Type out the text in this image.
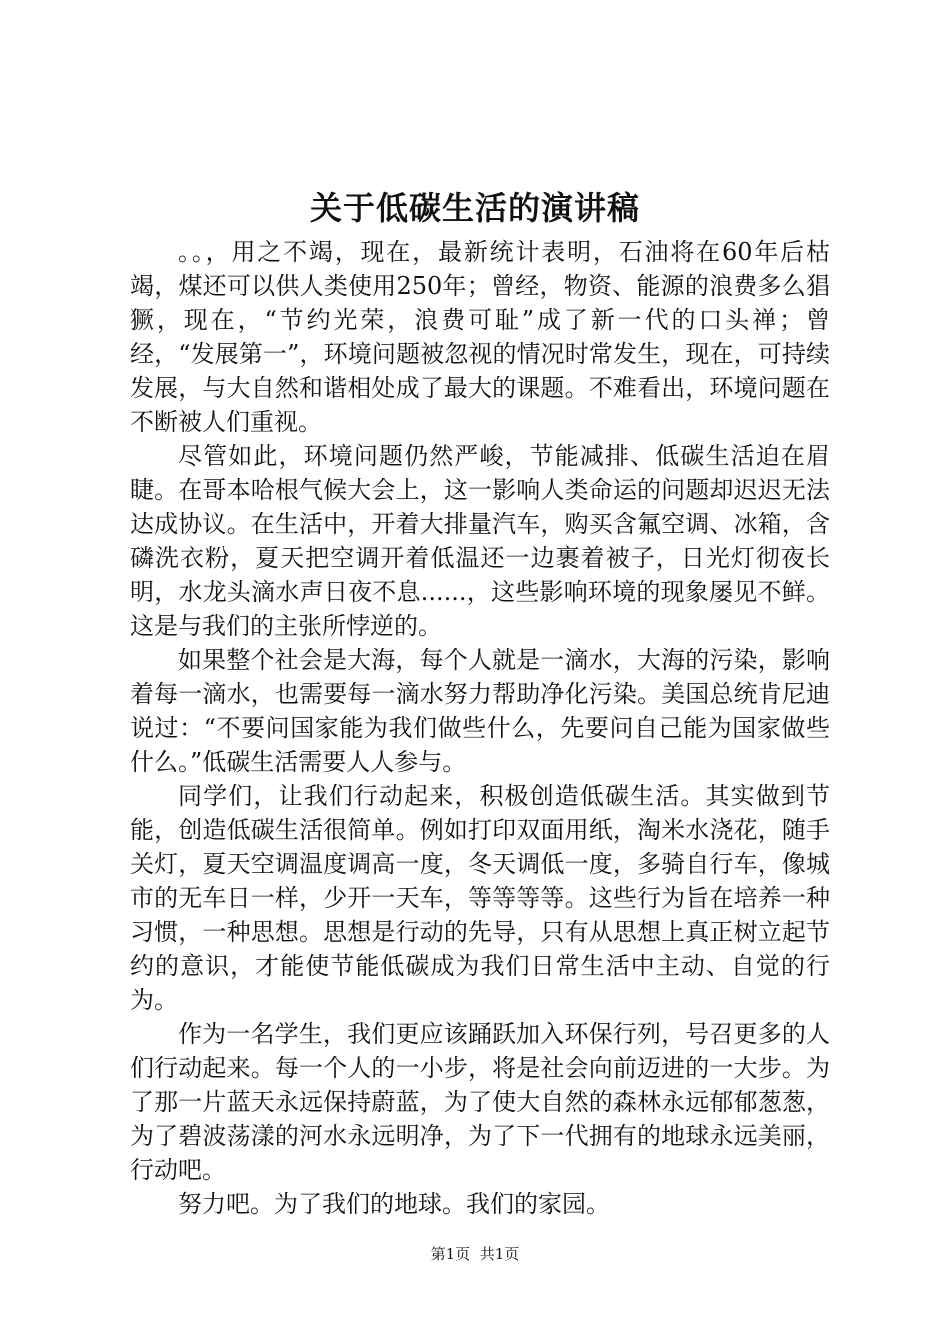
关于低碳生活的演讲稿

。。，用之不竭，现在，最新统计表明，石油将在60年后枯竭，煤还可以供人类使用250年；曾经，物资、能源的浪费多么猖獗，现在，“节约光荣，浪费可耻”成了新一代的口头禅；曾经，“发展第一”，环境问题被忽视的情况时常发生，现在，可持续发展，与大自然和谐相处成了最大的课题。不难看出，环境问题在不断被人们重视。

尽管如此，环境问题仍然严峻，节能减排、低碳生活迫在眉睫。在哥本哈根气候大会上，这一影响人类命运的问题却迟迟无法达成协议。在生活中，开着大排量汽车，购买含氟空调、冰箱，含磷洗衣粉，夏天把空调开着低温还一边裹着被子，日光灯彻夜长明，水龙头滴水声日夜不息......，这些影响环境的现象屡见不鲜。这是与我们的主张所悖逆的。

如果整个社会是大海，每个人就是一滴水，大海的污染，影响着每一滴水，也需要每一滴水努力帮助净化污染。美国总统肯尼迪说过：“不要问国家能为我们做些什么，先要问自己能为国家做些什么。”低碳生活需要人人参与。

同学们，让我们行动起来，积极创造低碳生活。其实做到节能，创造低碳生活很简单。例如打印双面用纸，淘米水浇花，随手关灯，夏天空调温度调高一度，冬天调低一度，多骑自行车，像城市的无车日一样，少开一天车，等等等等。这些行为旨在培养一种习惯，一种思想。思想是行动的先导，只有从思想上真正树立起节约的意识，才能使节能低碳成为我们日常生活中主动、自觉的行为。

作为一名学生，我们更应该踊跃加入环保行列，号召更多的人们行动起来。每一个人的一小步，将是社会向前迈进的一大步。为了那一片蓝天永远保持蔚蓝，为了使大自然的森林永远郁郁葱葱，为了碧波荡漾的河水永远明净，为了下一代拥有的地球永远美丽，行动吧。

努力吧。为了我们的地球。我们的家园。

第1页 共1页
